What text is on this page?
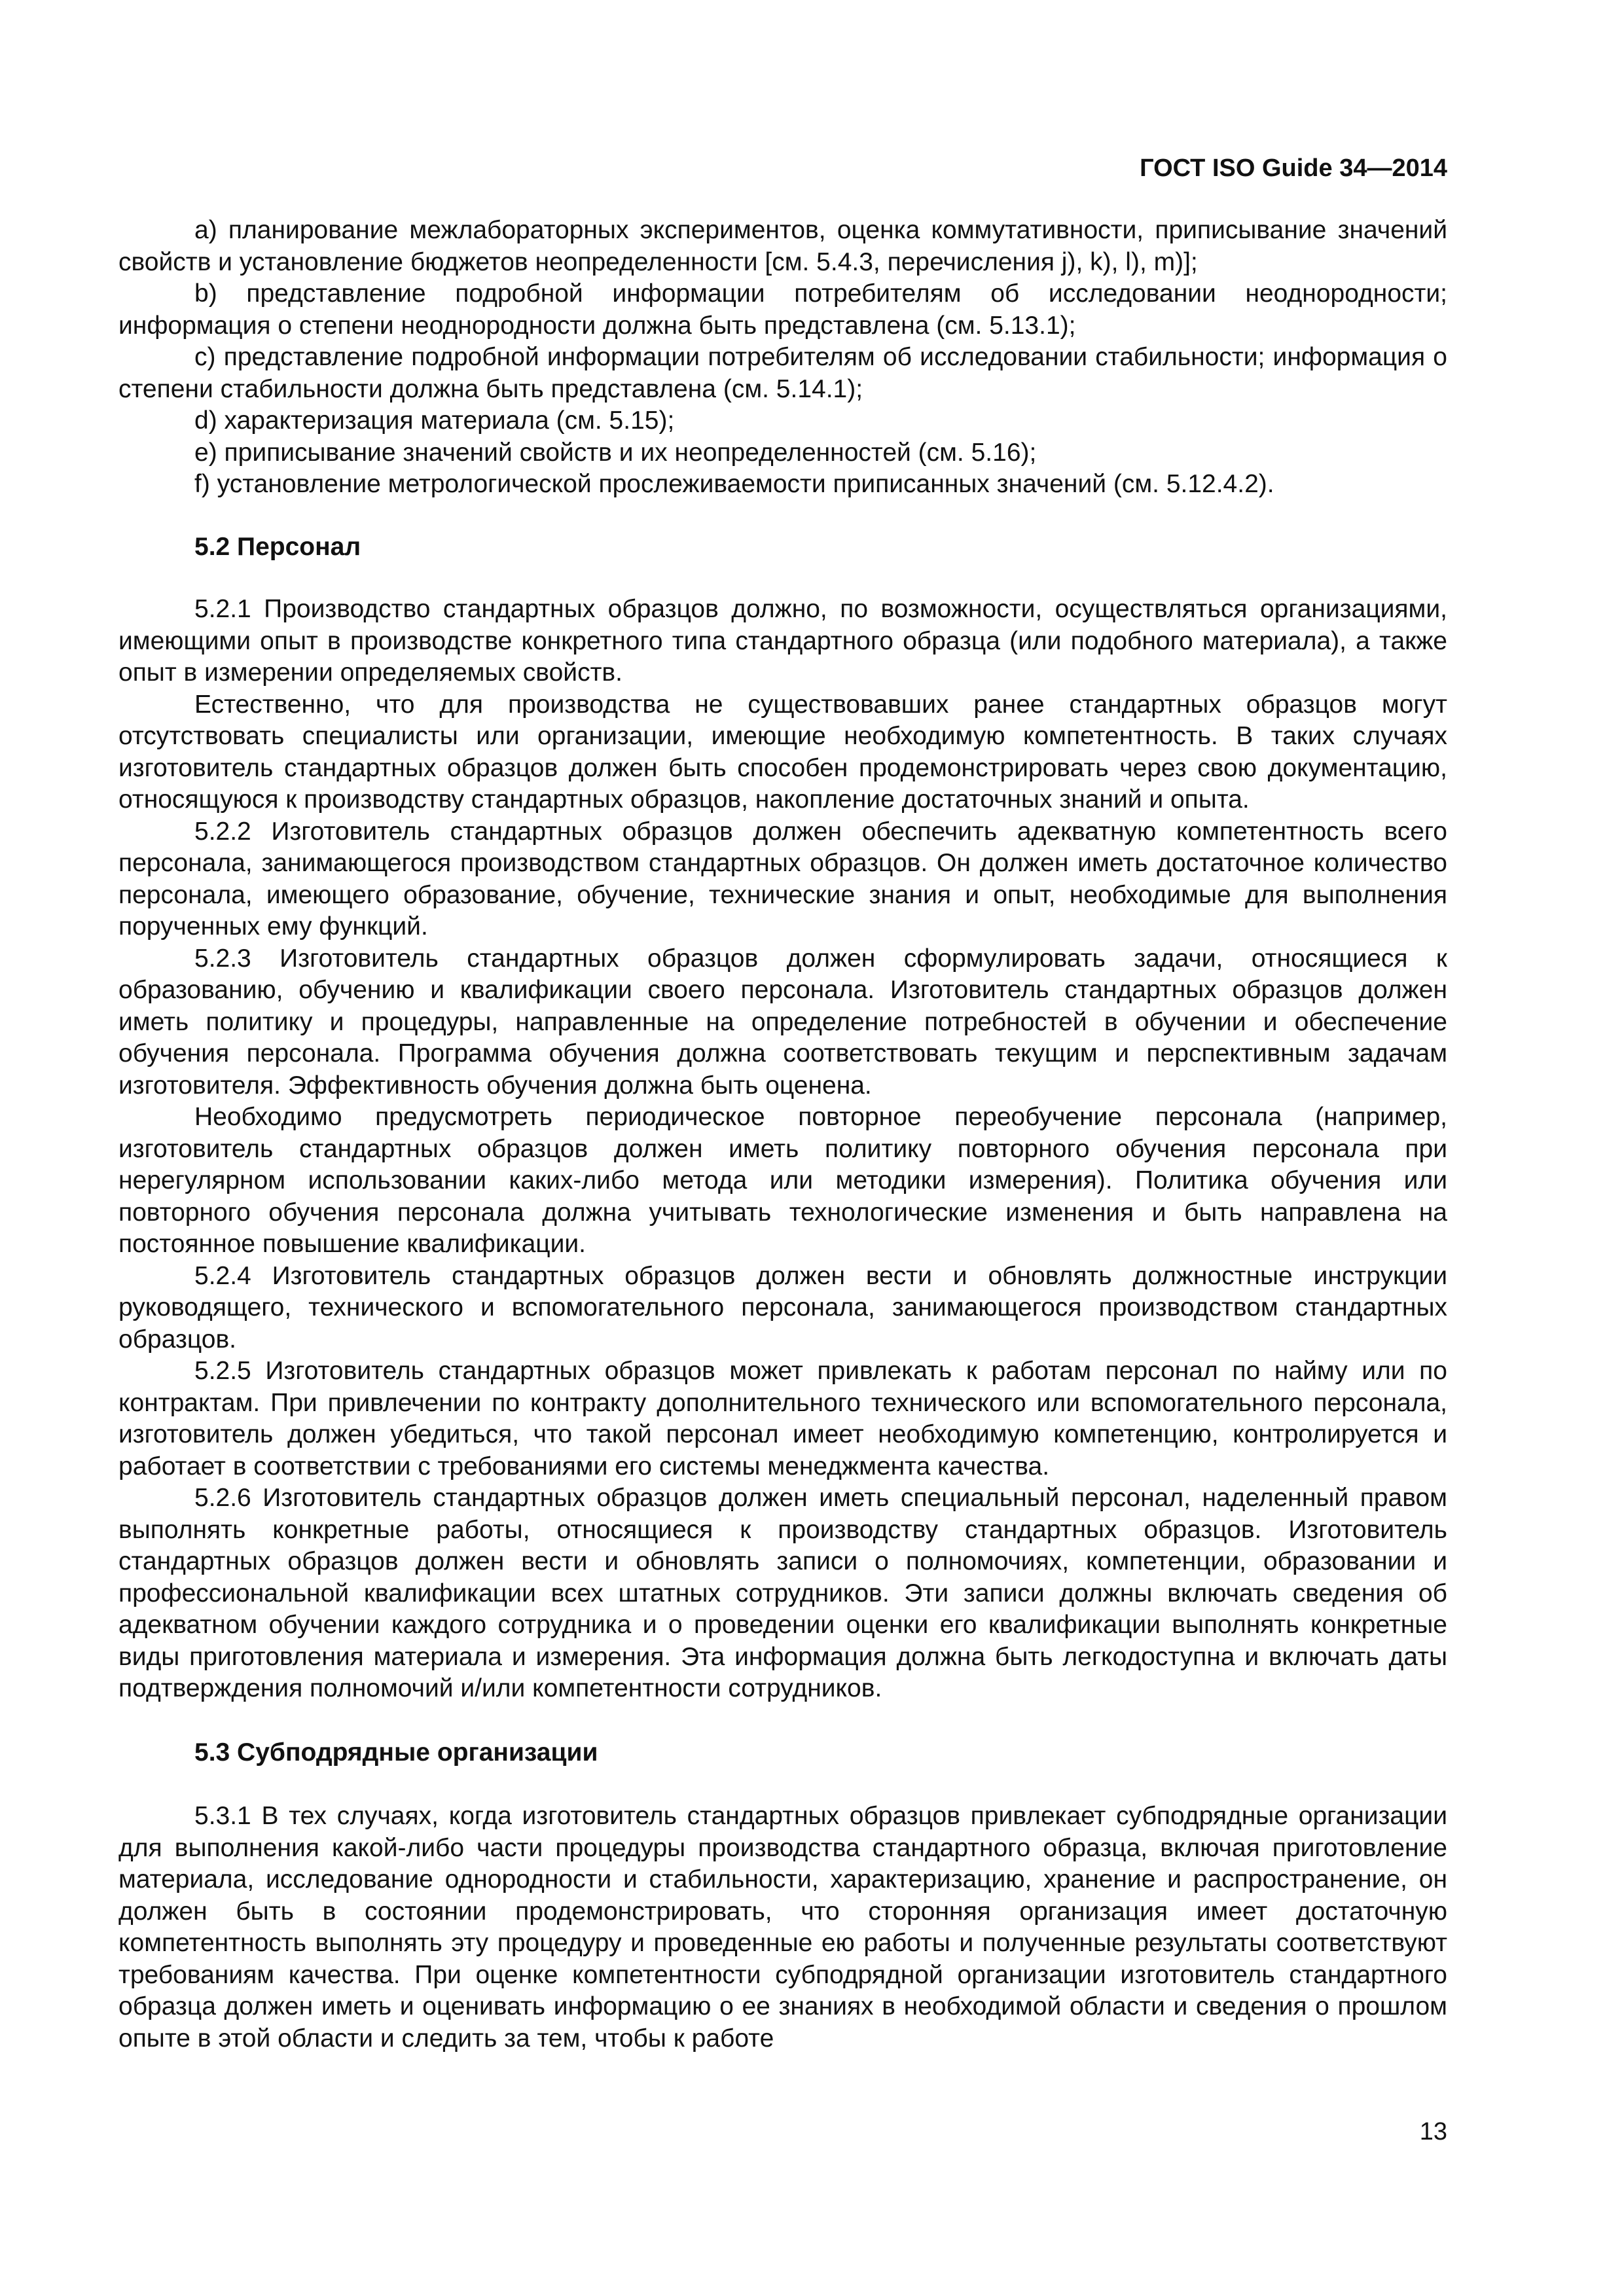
ГОСТ ISO Guide 34—2014

а) планирование межлабораторных экспериментов, оценка коммутативности, приписывание значений свойств и установление бюджетов неопределенности [см. 5.4.3, перечисления j), k), l), m)];

b) представление подробной информации потребителям об исследовании неоднородности; информация о степени неоднородности должна быть представлена (см. 5.13.1);

c) представление подробной информации потребителям об исследовании стабильности; информация о степени стабильности должна быть представлена (см. 5.14.1);

d) характеризация материала (см. 5.15);

e) приписывание значений свойств и их неопределенностей (см. 5.16);

f) установление метрологической прослеживаемости приписанных значений (см. 5.12.4.2).

5.2 Персонал

5.2.1 Производство стандартных образцов должно, по возможности, осуществляться организациями, имеющими опыт в производстве конкретного типа стандартного образца (или подобного материала), а также опыт в измерении определяемых свойств.

Естественно, что для производства не существовавших ранее стандартных образцов могут отсутствовать специалисты или организации, имеющие необходимую компетентность. В таких случаях изготовитель стандартных образцов должен быть способен продемонстрировать через свою документацию, относящуюся к производству стандартных образцов, накопление достаточных знаний и опыта.

5.2.2 Изготовитель стандартных образцов должен обеспечить адекватную компетентность всего персонала, занимающегося производством стандартных образцов. Он должен иметь достаточное количество персонала, имеющего образование, обучение, технические знания и опыт, необходимые для выполнения порученных ему функций.

5.2.3 Изготовитель стандартных образцов должен сформулировать задачи, относящиеся к образованию, обучению и квалификации своего персонала. Изготовитель стандартных образцов должен иметь политику и процедуры, направленные на определение потребностей в обучении и обеспечение обучения персонала. Программа обучения должна соответствовать текущим и перспективным задачам изготовителя. Эффективность обучения должна быть оценена.

Необходимо предусмотреть периодическое повторное переобучение персонала (например, изготовитель стандартных образцов должен иметь политику повторного обучения персонала при нерегулярном использовании каких-либо метода или методики измерения). Политика обучения или повторного обучения персонала должна учитывать технологические изменения и быть направлена на постоянное повышение квалификации.

5.2.4 Изготовитель стандартных образцов должен вести и обновлять должностные инструкции руководящего, технического и вспомогательного персонала, занимающегося производством стандартных образцов.

5.2.5 Изготовитель стандартных образцов может привлекать к работам персонал по найму или по контрактам. При привлечении по контракту дополнительного технического или вспомогательного персонала, изготовитель должен убедиться, что такой персонал имеет необходимую компетенцию, контролируется и работает в соответствии с требованиями его системы менеджмента качества.

5.2.6 Изготовитель стандартных образцов должен иметь специальный персонал, наделенный правом выполнять конкретные работы, относящиеся к производству стандартных образцов. Изготовитель стандартных образцов должен вести и обновлять записи о полномочиях, компетенции, образовании и профессиональной квалификации всех штатных сотрудников. Эти записи должны включать сведения об адекватном обучении каждого сотрудника и о проведении оценки его квалификации выполнять конкретные виды приготовления материала и измерения. Эта информация должна быть легкодоступна и включать даты подтверждения полномочий и/или компетентности сотрудников.

5.3 Субподрядные организации

5.3.1 В тех случаях, когда изготовитель стандартных образцов привлекает субподрядные организации для выполнения какой-либо части процедуры производства стандартного образца, включая приготовление материала, исследование однородности и стабильности, характеризацию, хранение и распространение, он должен быть в состоянии продемонстрировать, что сторонняя организация имеет достаточную компетентность выполнять эту процедуру и проведенные ею работы и полученные результаты соответствуют требованиям качества. При оценке компетентности субподрядной организации изготовитель стандартного образца должен иметь и оценивать информацию о ее знаниях в необходимой области и сведения о прошлом опыте в этой области и следить за тем, чтобы к работе

13
